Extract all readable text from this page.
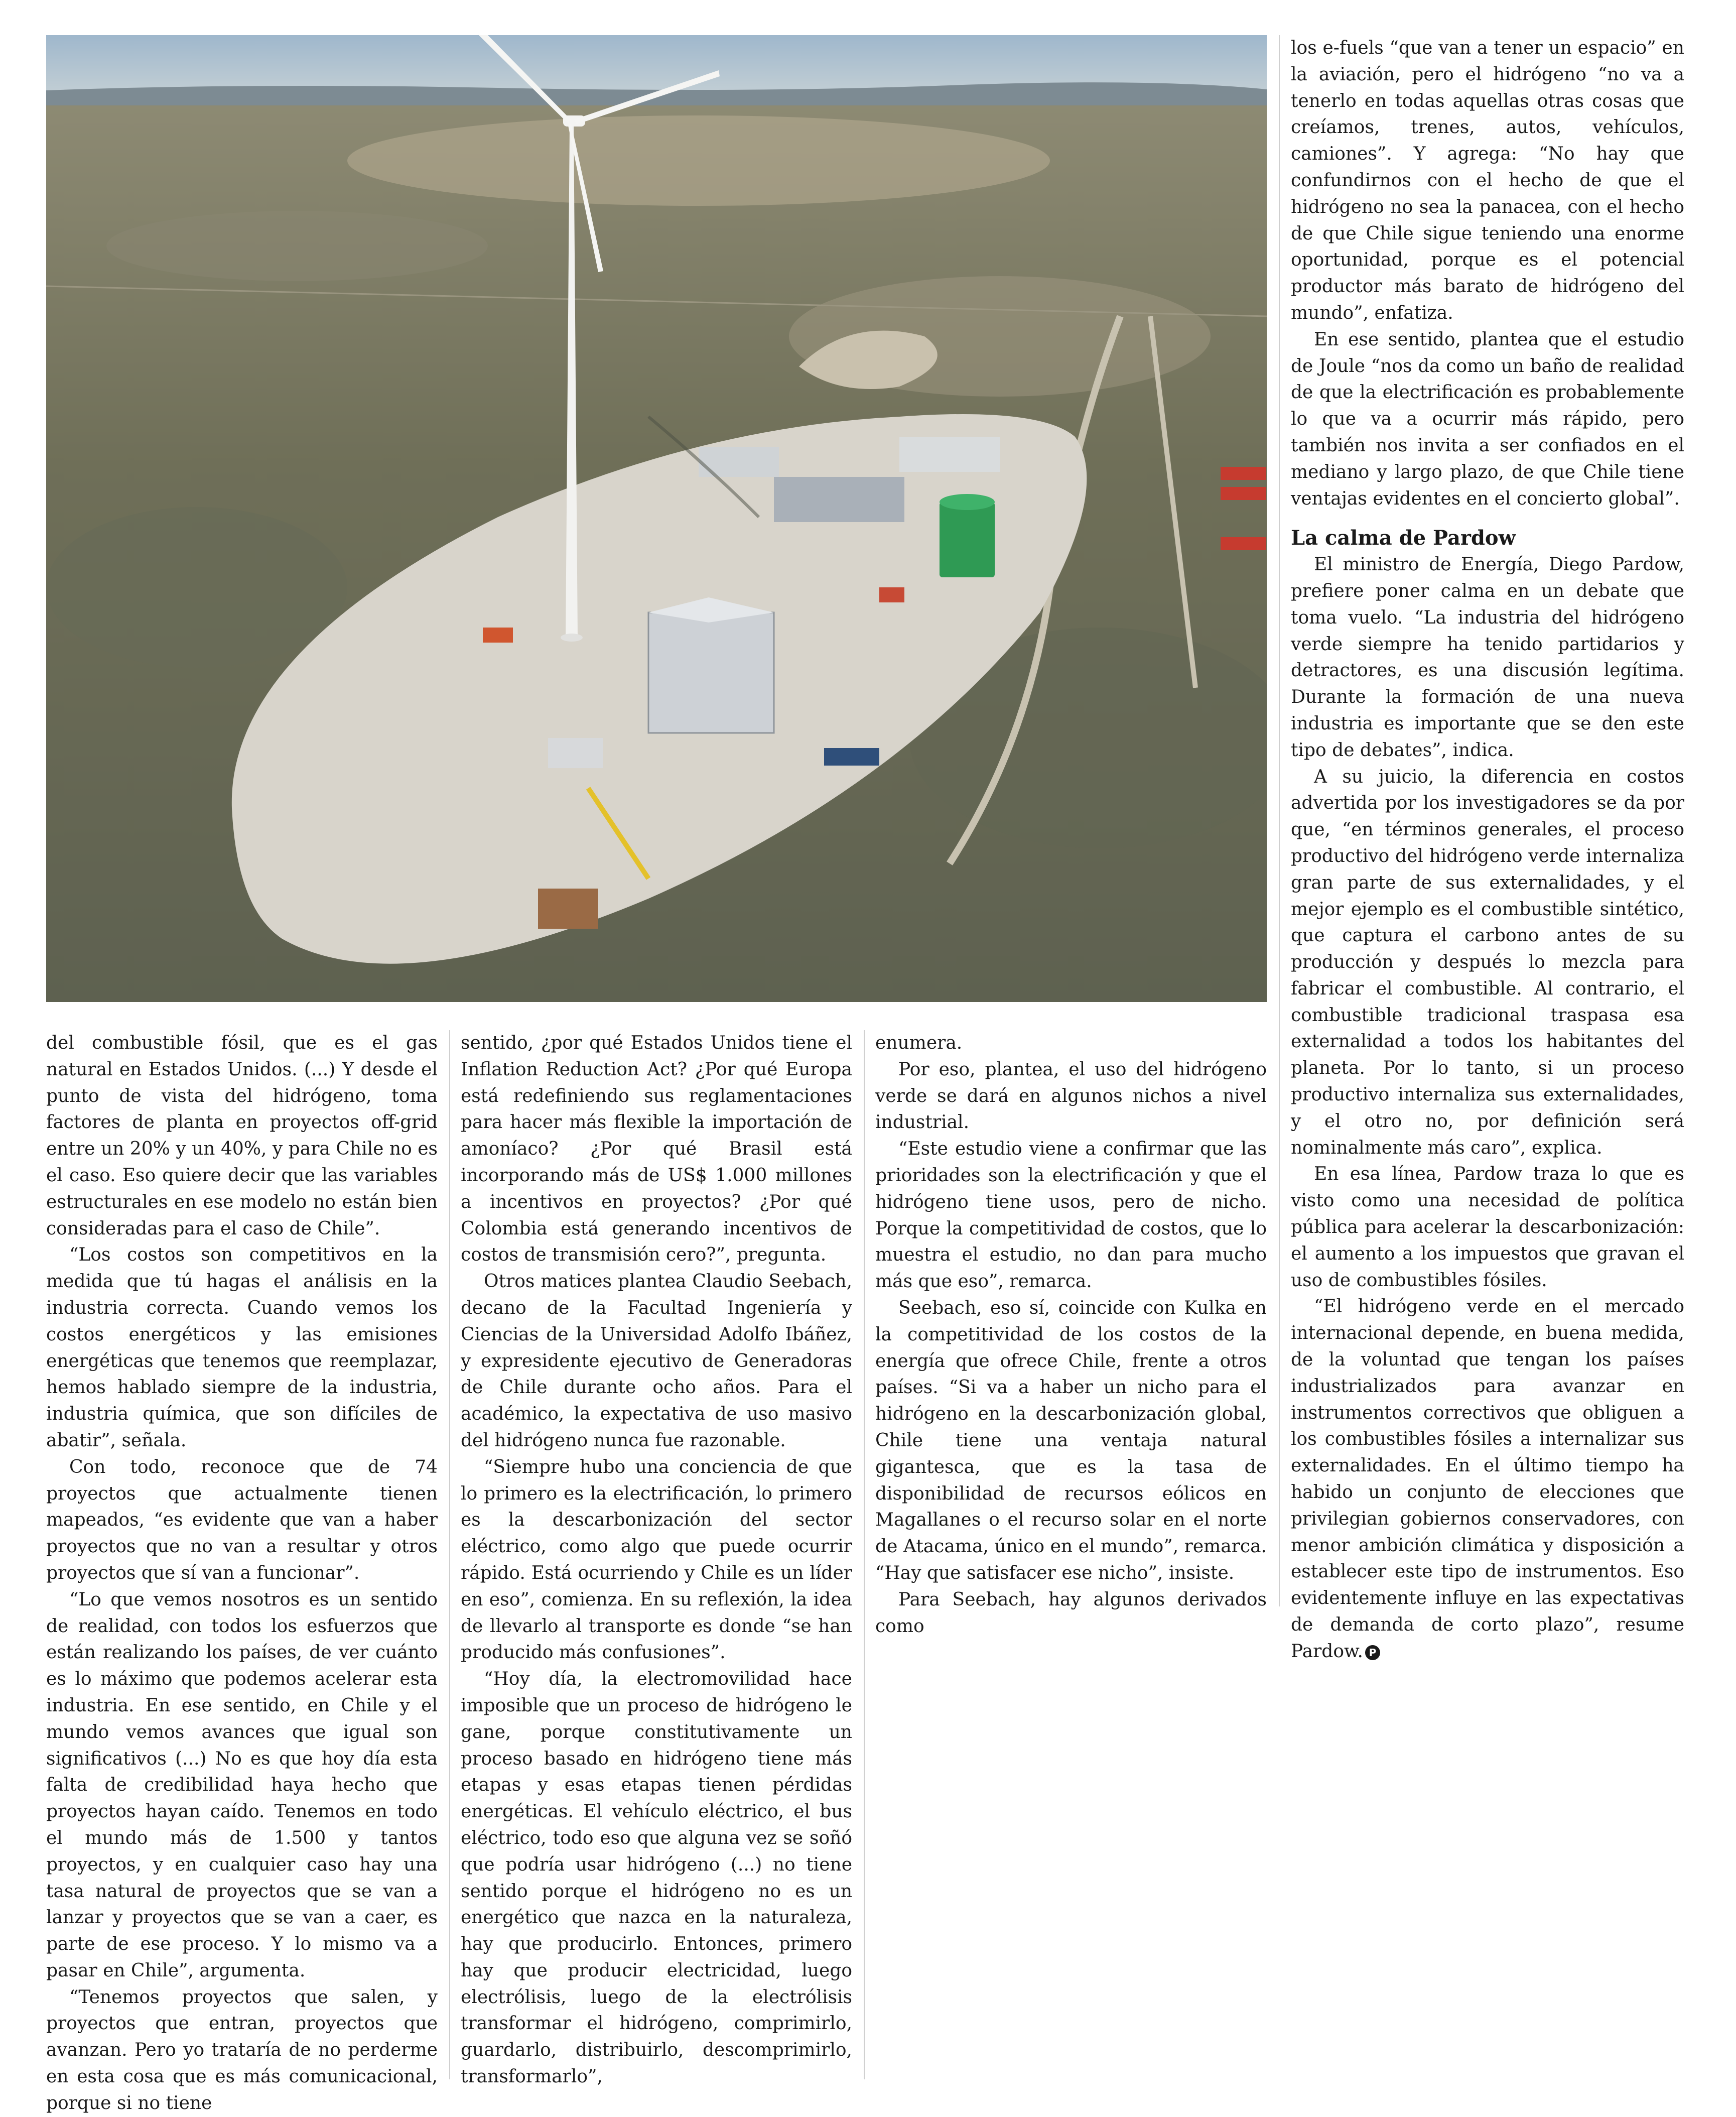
del combustible fósil, que es el gas natural en Estados Unidos. (...) Y desde el punto de vista del hidrógeno, toma factores de planta en proyectos off-grid entre un 20% y un 40%, y para Chile no es el caso. Eso quiere decir que las variables estructurales en ese modelo no están bien consideradas para el caso de Chile”.

“Los costos son competitivos en la medida que tú hagas el análisis en la industria correcta. Cuando vemos los costos energéticos y las emisiones energéticas que tenemos que reemplazar, hemos hablado siempre de la industria, industria química, que son difíciles de abatir”, señala.

Con todo, reconoce que de 74 proyectos que actualmente tienen mapeados, “es evidente que van a haber proyectos que no van a resultar y otros proyectos que sí van a funcionar”.

“Lo que vemos nosotros es un sentido de realidad, con todos los esfuerzos que están realizando los países, de ver cuánto es lo máximo que podemos acelerar esta industria. En ese sentido, en Chile y el mundo vemos avances que igual son significativos (...) No es que hoy día esta falta de credibilidad haya hecho que proyectos hayan caído. Tenemos en todo el mundo más de 1.500 y tantos proyectos, y en cualquier caso hay una tasa natural de proyectos que se van a lanzar y proyectos que se van a caer, es parte de ese proceso. Y lo mismo va a pasar en Chile”, argumenta.

“Tenemos proyectos que salen, y proyectos que entran, proyectos que avanzan. Pero yo trataría de no perderme en esta cosa que es más comunicacional, porque si no tiene

sentido, ¿por qué Estados Unidos tiene el Inflation Reduction Act? ¿Por qué Europa está redefiniendo sus reglamentaciones para hacer más flexible la importación de amoníaco? ¿Por qué Brasil está incorporando más de US$ 1.000 millones a incentivos en proyectos? ¿Por qué Colombia está generando incentivos de costos de transmisión cero?”, pregunta.

Otros matices plantea Claudio Seebach, decano de la Facultad Ingeniería y Ciencias de la Universidad Adolfo Ibáñez, y expresidente ejecutivo de Generadoras de Chile durante ocho años. Para el académico, la expectativa de uso masivo del hidrógeno nunca fue razonable.

“Siempre hubo una conciencia de que lo primero es la electrificación, lo primero es la descarbonización del sector eléctrico, como algo que puede ocurrir rápido. Está ocurriendo y Chile es un líder en eso”, comienza. En su reflexión, la idea de llevarlo al transporte es donde “se han producido más confusiones”.

“Hoy día, la electromovilidad hace imposible que un proceso de hidrógeno le gane, porque constitutivamente un proceso basado en hidrógeno tiene más etapas y esas etapas tienen pérdidas energéticas. El vehículo eléctrico, el bus eléctrico, todo eso que alguna vez se soñó que podría usar hidrógeno (...) no tiene sentido porque el hidrógeno no es un energético que nazca en la naturaleza, hay que producirlo. Entonces, primero hay que producir electricidad, luego electrólisis, luego de la electrólisis transformar el hidrógeno, comprimirlo, guardarlo, distribuirlo, descomprimirlo, transformarlo”,

enumera.

Por eso, plantea, el uso del hidrógeno verde se dará en algunos nichos a nivel industrial.

“Este estudio viene a confirmar que las prioridades son la electrificación y que el hidrógeno tiene usos, pero de nicho. Porque la competitividad de costos, que lo muestra el estudio, no dan para mucho más que eso”, remarca.

Seebach, eso sí, coincide con Kulka en la competitividad de los costos de la energía que ofrece Chile, frente a otros países. “Si va a haber un nicho para el hidrógeno en la descarbonización global, Chile tiene una ventaja natural gigantesca, que es la tasa de disponibilidad de recursos eólicos en Magallanes o el recurso solar en el norte de Atacama, único en el mundo”, remarca. “Hay que satisfacer ese nicho”, insiste.

Para Seebach, hay algunos derivados como

los e-fuels “que van a tener un espacio” en la aviación, pero el hidrógeno “no va a tenerlo en todas aquellas otras cosas que creíamos, trenes, autos, vehículos, camiones”. Y agrega: “No hay que confundirnos con el hecho de que el hidrógeno no sea la panacea, con el hecho de que Chile sigue teniendo una enorme oportunidad, porque es el potencial productor más barato de hidrógeno del mundo”, enfatiza.

En ese sentido, plantea que el estudio de Joule “nos da como un baño de realidad de que la electrificación es probablemente lo que va a ocurrir más rápido, pero también nos invita a ser confiados en el mediano y largo plazo, de que Chile tiene ventajas evidentes en el concierto global”.

La calma de Pardow

El ministro de Energía, Diego Pardow, prefiere poner calma en un debate que toma vuelo. “La industria del hidrógeno verde siempre ha tenido partidarios y detractores, es una discusión legítima. Durante la formación de una nueva industria es importante que se den este tipo de debates”, indica.

A su juicio, la diferencia en costos advertida por los investigadores se da por que, “en términos generales, el proceso productivo del hidrógeno verde internaliza gran parte de sus externalidades, y el mejor ejemplo es el combustible sintético, que captura el carbono antes de su producción y después lo mezcla para fabricar el combustible. Al contrario, el combustible tradicional traspasa esa externalidad a todos los habitantes del planeta. Por lo tanto, si un proceso productivo internaliza sus externalidades, y el otro no, por definición será nominalmente más caro”, explica.

En esa línea, Pardow traza lo que es visto como una necesidad de política pública para acelerar la descarbonización: el aumento a los impuestos que gravan el uso de combustibles fósiles.

“El hidrógeno verde en el mercado internacional depende, en buena medida, de la voluntad que tengan los países industrializados para avanzar en instrumentos correctivos que obliguen a los combustibles fósiles a internalizar sus externalidades. En el último tiempo ha habido un conjunto de elecciones que privilegian gobiernos conservadores, con menor ambición climática y disposición a establecer este tipo de instrumentos. Eso evidentemente influye en las expectativas de demanda de corto plazo”, resume Pardow. P
